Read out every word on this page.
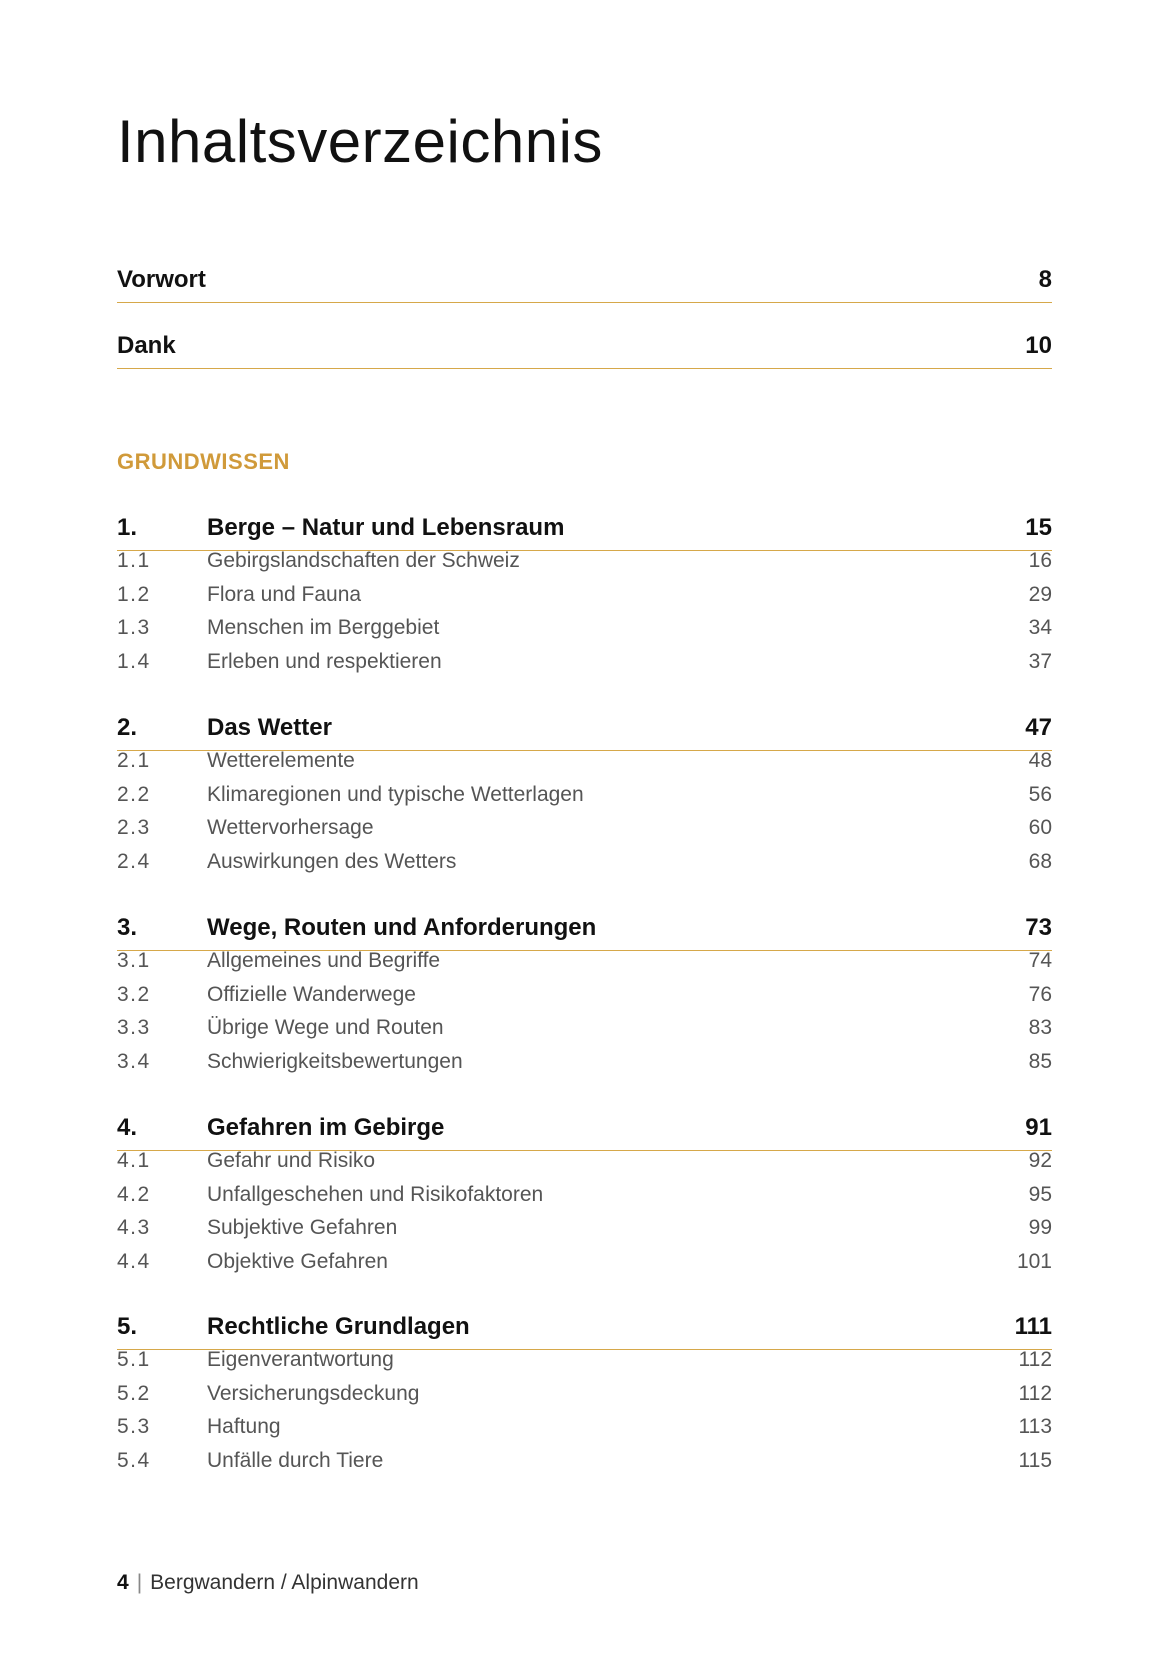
Inhaltsverzeichnis
Vorwort	8
Dank	10
GRUNDWISSEN
1.	Berge – Natur und Lebensraum	15
1.1	Gebirgslandschaften der Schweiz	16
1.2	Flora und Fauna	29
1.3	Menschen im Berggebiet	34
1.4	Erleben und respektieren	37
2.	Das Wetter	47
2.1	Wetterelemente	48
2.2	Klimaregionen und typische Wetterlagen	56
2.3	Wettervorhersage	60
2.4	Auswirkungen des Wetters	68
3.	Wege, Routen und Anforderungen	73
3.1	Allgemeines und Begriffe	74
3.2	Offizielle Wanderwege	76
3.3	Übrige Wege und Routen	83
3.4	Schwierigkeitsbewertungen	85
4.	Gefahren im Gebirge	91
4.1	Gefahr und Risiko	92
4.2	Unfallgeschehen und Risikofaktoren	95
4.3	Subjektive Gefahren	99
4.4	Objektive Gefahren	101
5.	Rechtliche Grundlagen	111
5.1	Eigenverantwortung	112
5.2	Versicherungsdeckung	112
5.3	Haftung	113
5.4	Unfälle durch Tiere	115
4 | Bergwandern / Alpinwandern
